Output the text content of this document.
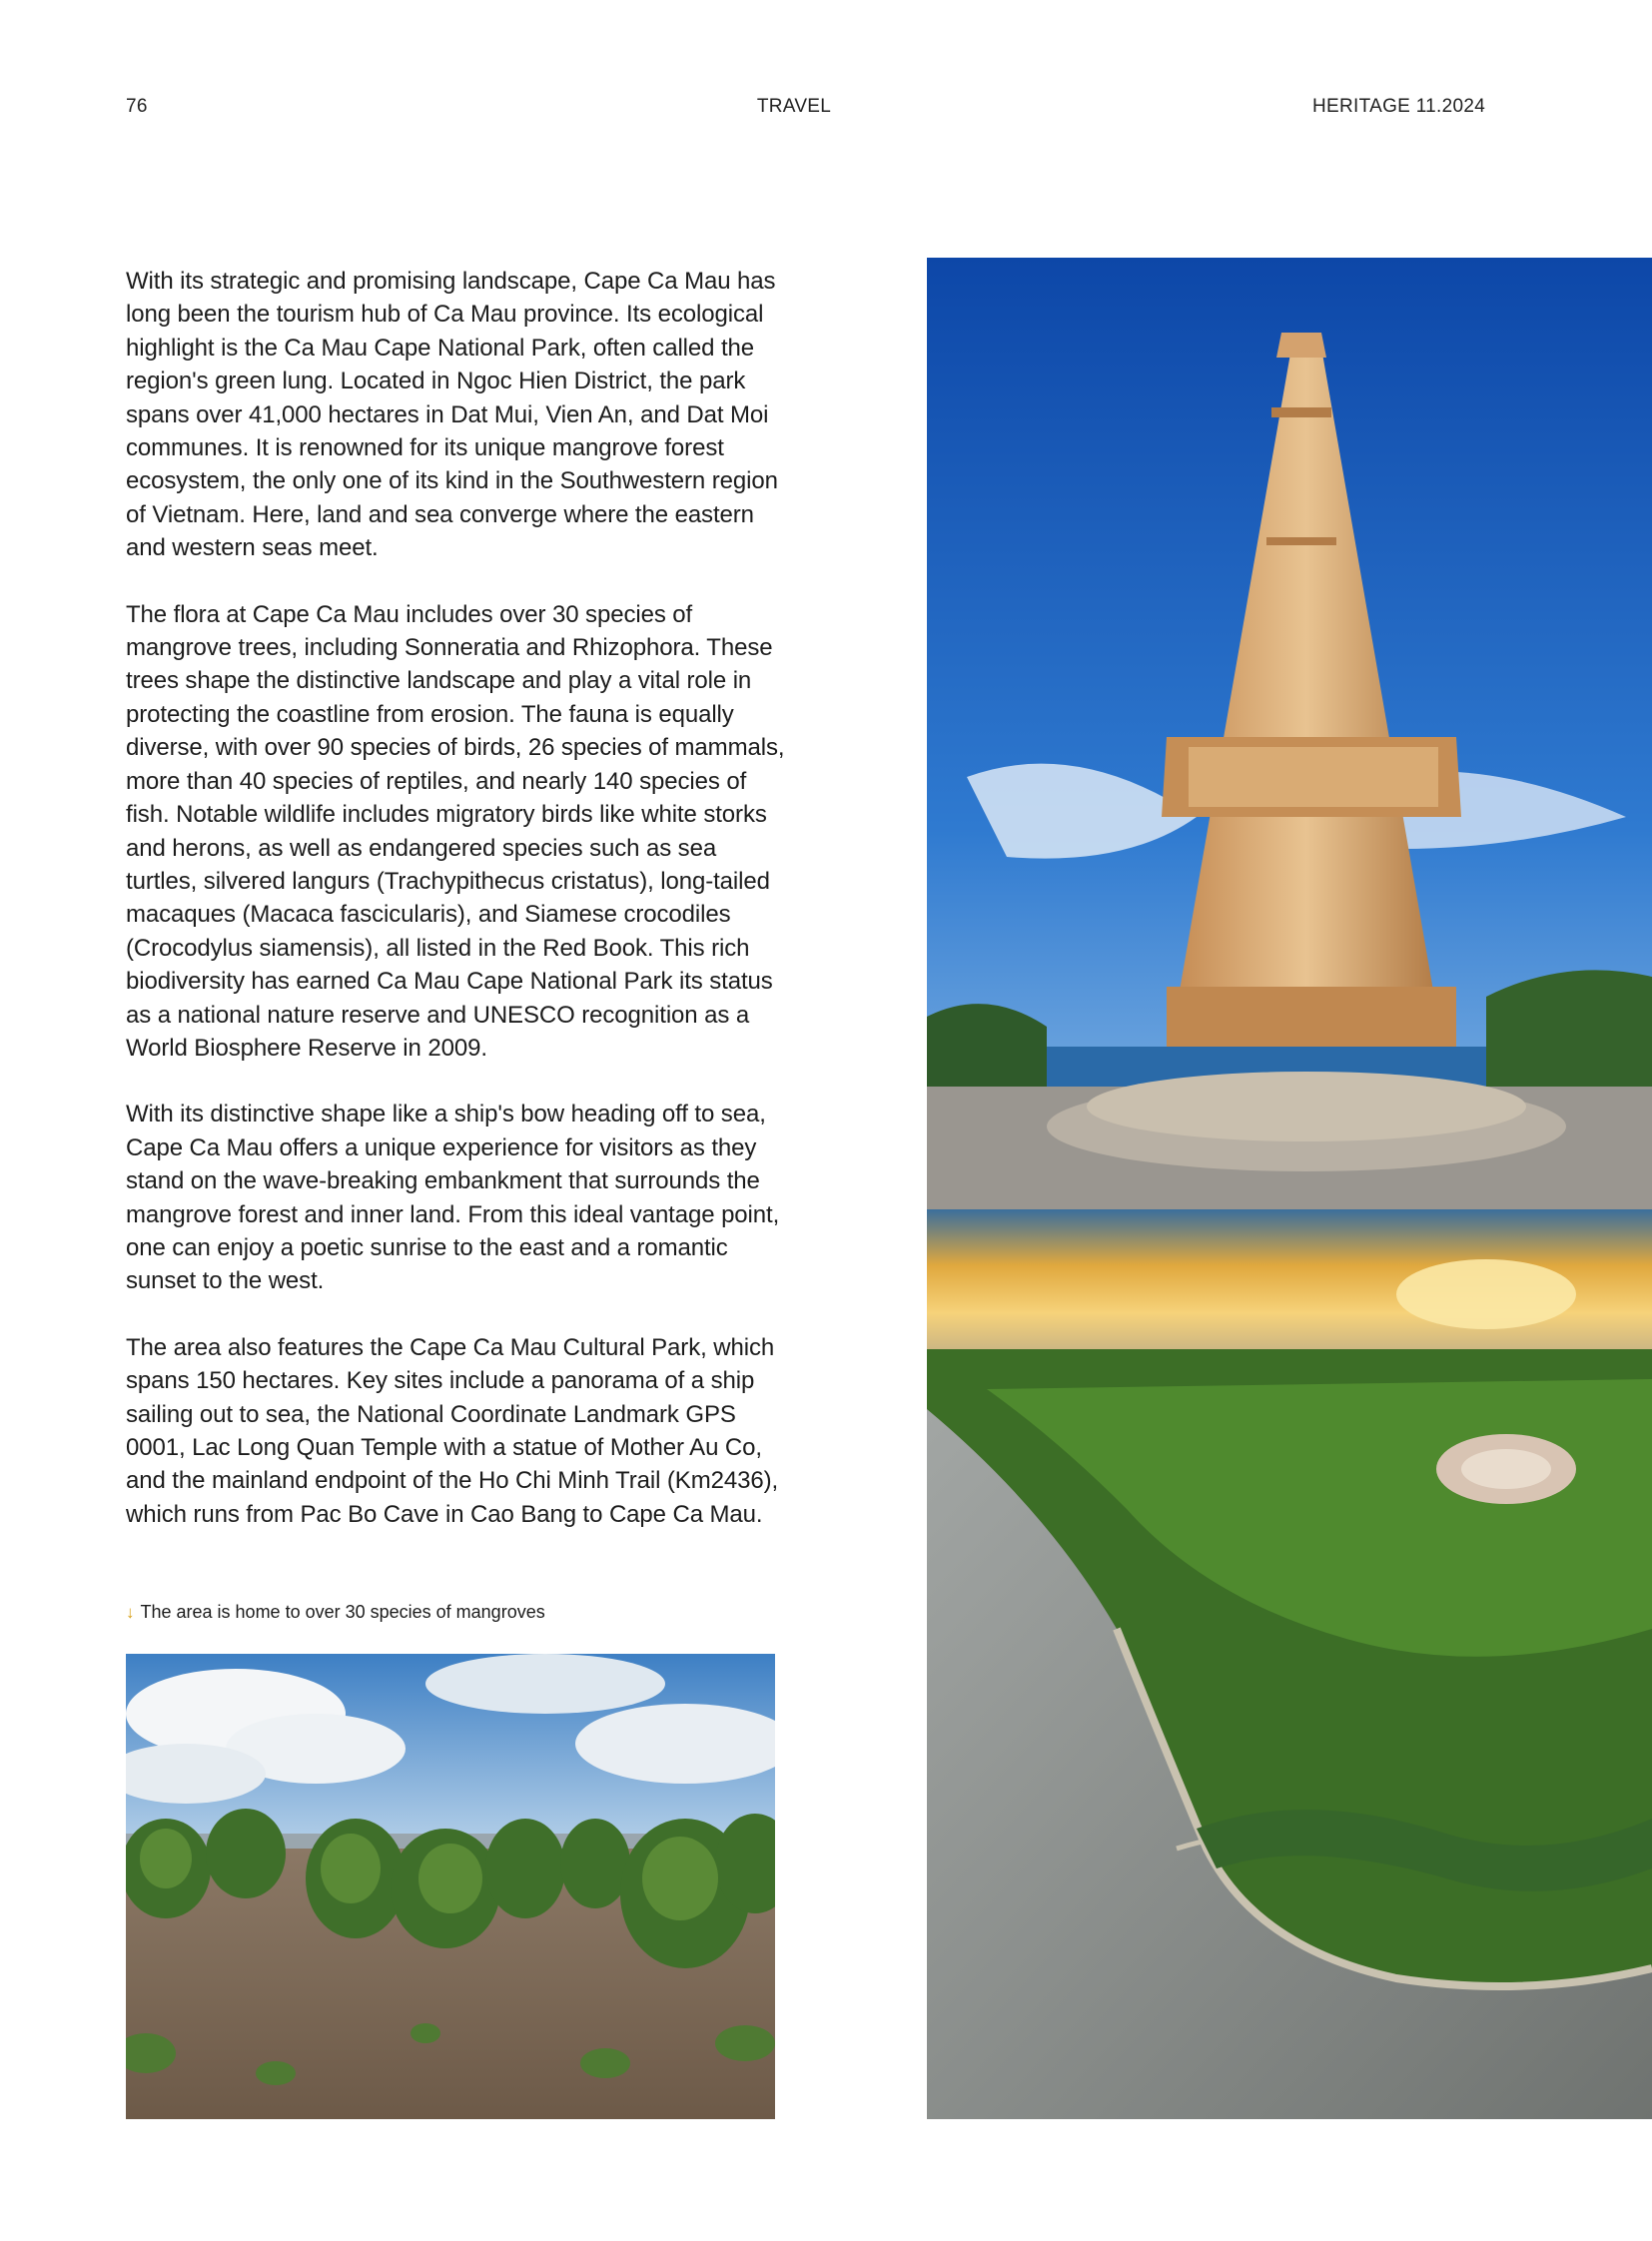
76	TRAVEL	HERITAGE 11.2024

With its strategic and promising landscape, Cape Ca Mau has long been the tourism hub of Ca Mau province. Its ecological highlight is the Ca Mau Cape National Park, often called the region's green lung. Located in Ngoc Hien District, the park spans over 41,000 hectares in Dat Mui, Vien An, and Dat Moi communes. It is renowned for its unique mangrove forest ecosystem, the only one of its kind in the Southwestern region of Vietnam. Here, land and sea converge where the eastern and western seas meet.

The flora at Cape Ca Mau includes over 30 species of mangrove trees, including Sonneratia and Rhizophora. These trees shape the distinctive landscape and play a vital role in protecting the coastline from erosion. The fauna is equally diverse, with over 90 species of birds, 26 species of mammals, more than 40 species of reptiles, and nearly 140 species of fish. Notable wildlife includes migratory birds like white storks and herons, as well as endangered species such as sea turtles, silvered langurs (Trachypithecus cristatus), long-tailed macaques (Macaca fascicularis), and Siamese crocodiles (Crocodylus siamensis), all listed in the Red Book. This rich biodiversity has earned Ca Mau Cape National Park its status as a national nature reserve and UNESCO recognition as a World Biosphere Reserve in 2009.

With its distinctive shape like a ship's bow heading off to sea, Cape Ca Mau offers a unique experience for visitors as they stand on the wave-breaking embankment that surrounds the mangrove forest and inner land. From this ideal vantage point, one can enjoy a poetic sunrise to the east and a romantic sunset to the west.

The area also features the Cape Ca Mau Cultural Park, which spans 150 hectares. Key sites include a panorama of a ship sailing out to sea, the National Coordinate Landmark GPS 0001, Lac Long Quan Temple with a statue of Mother Au Co, and the mainland endpoint of the Ho Chi Minh Trail (Km2436), which runs from Pac Bo Cave in Cao Bang to Cape Ca Mau.

↓ The area is home to over 30 species of mangroves
